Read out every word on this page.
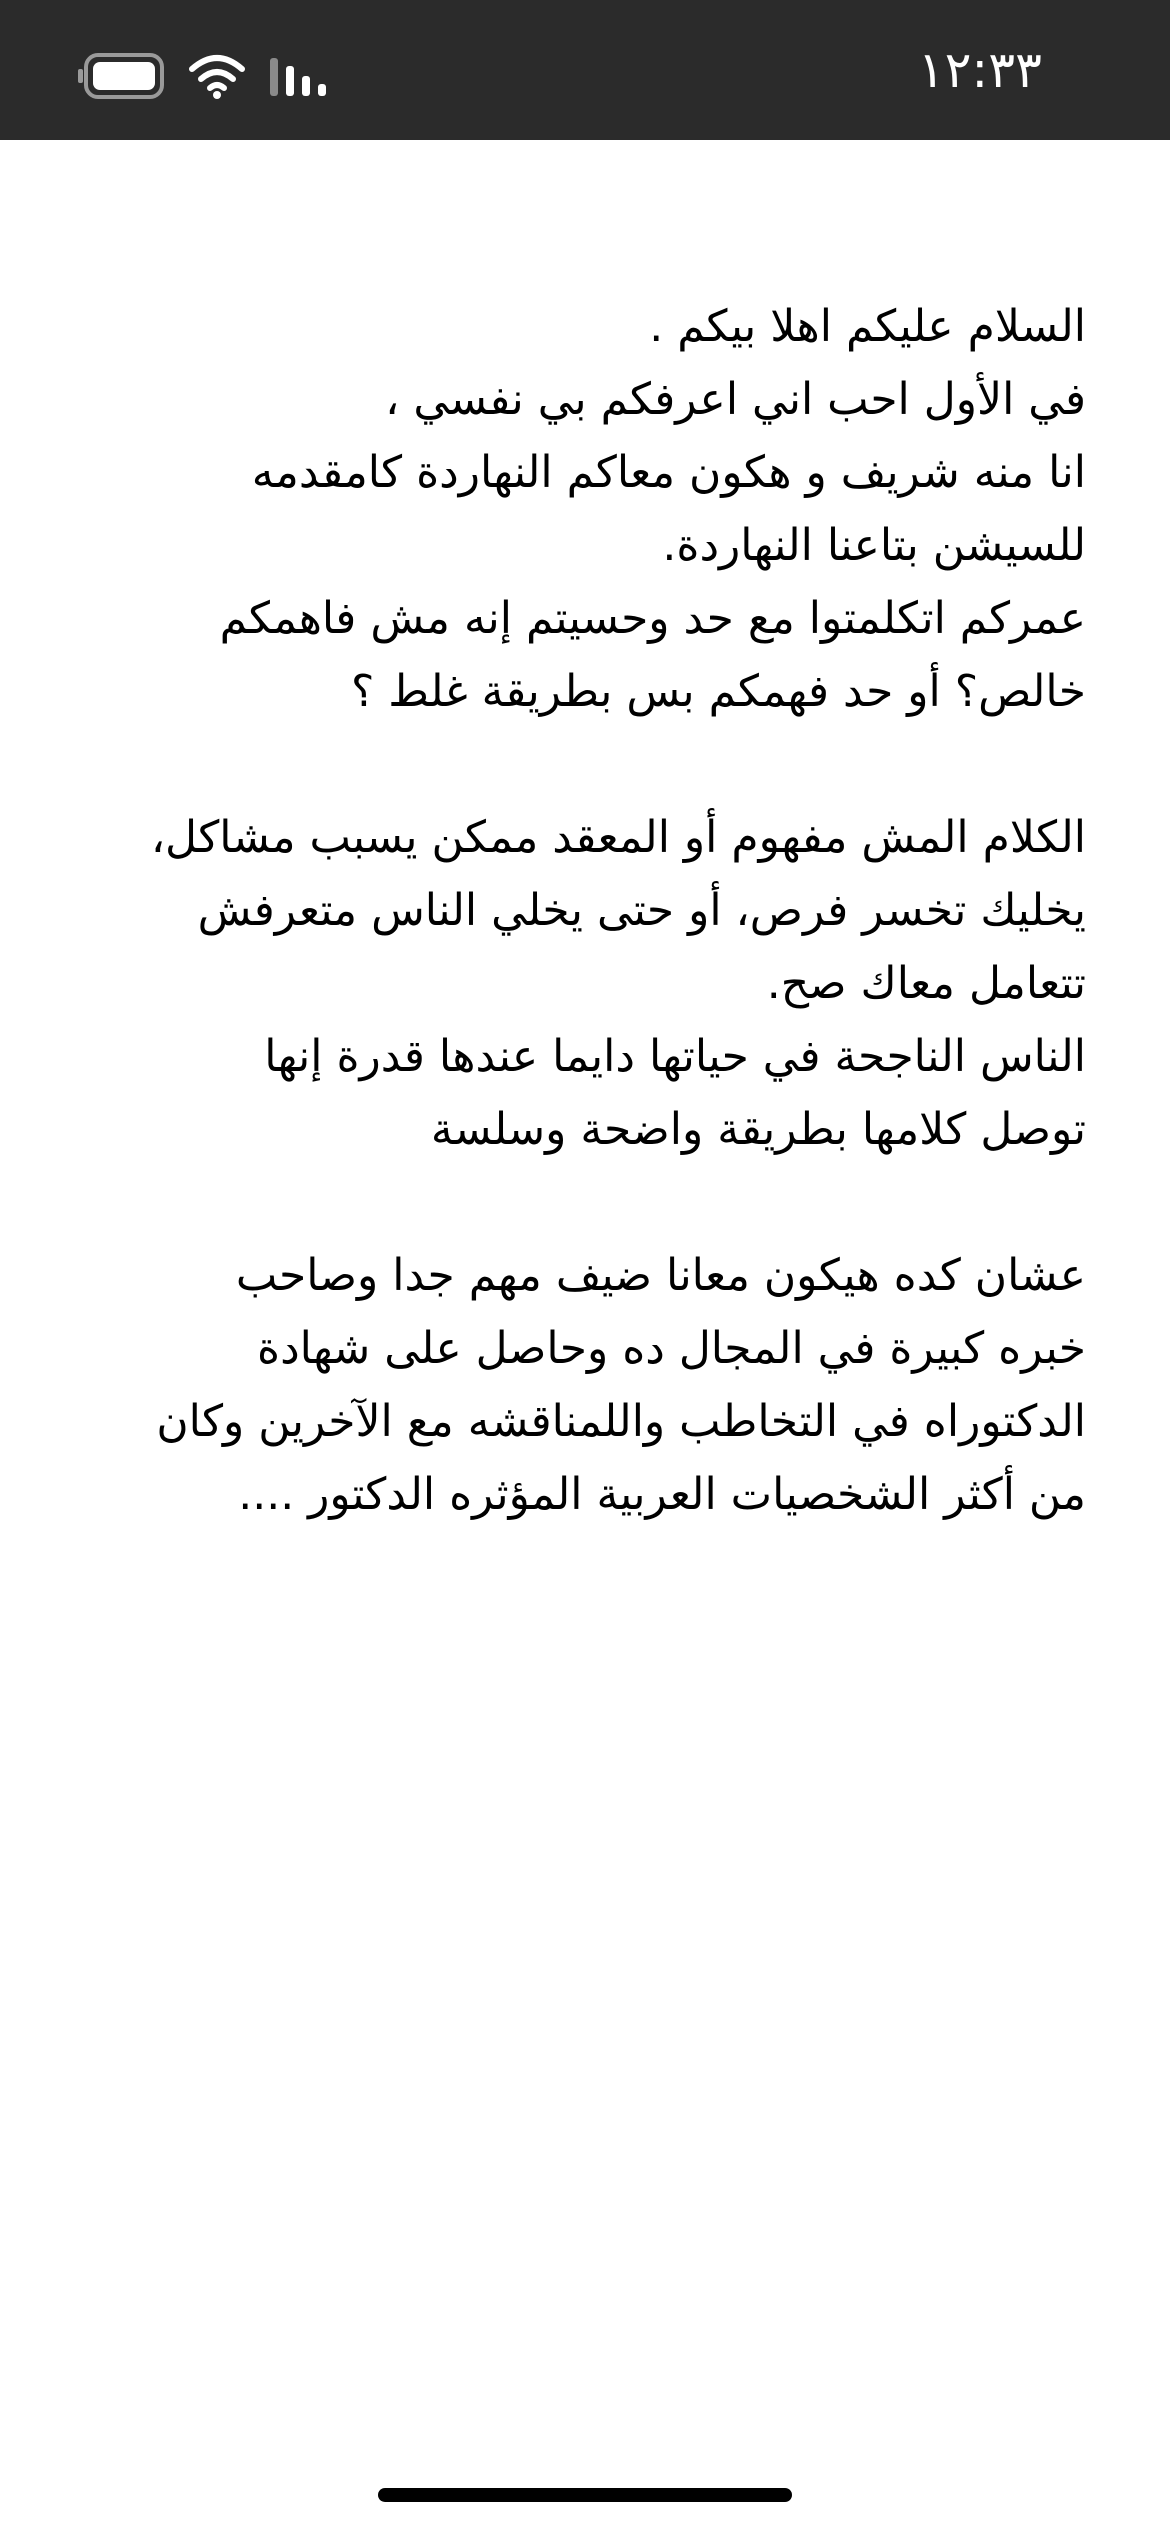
١٢:٣٣
السلام عليكم اهلا بيكم .
في الأول احب اني اعرفكم بي نفسي ،
انا منه شريف و هكون معاكم النهاردة كامقدمه
للسيشن بتاعنا النهاردة.
عمركم اتكلمتوا مع حد وحسيتم إنه مش فاهمكم
خالص؟ أو حد فهمكم بس بطريقة غلط ؟
الكلام المش مفهوم أو المعقد ممكن يسبب مشاكل،
يخليك تخسر فرص، أو حتى يخلي الناس متعرفش
تتعامل معاك صح.
الناس الناجحة في حياتها دايما عندها قدرة إنها
توصل كلامها بطريقة واضحة وسلسة
عشان كده هيكون معانا ضيف مهم جدا وصاحب
خبره كبيرة في المجال ده وحاصل على شهادة
الدكتوراه في التخاطب واللمناقشه مع الآخرين وكان
من أكثر الشخصيات العربية المؤثره الدكتور ....
